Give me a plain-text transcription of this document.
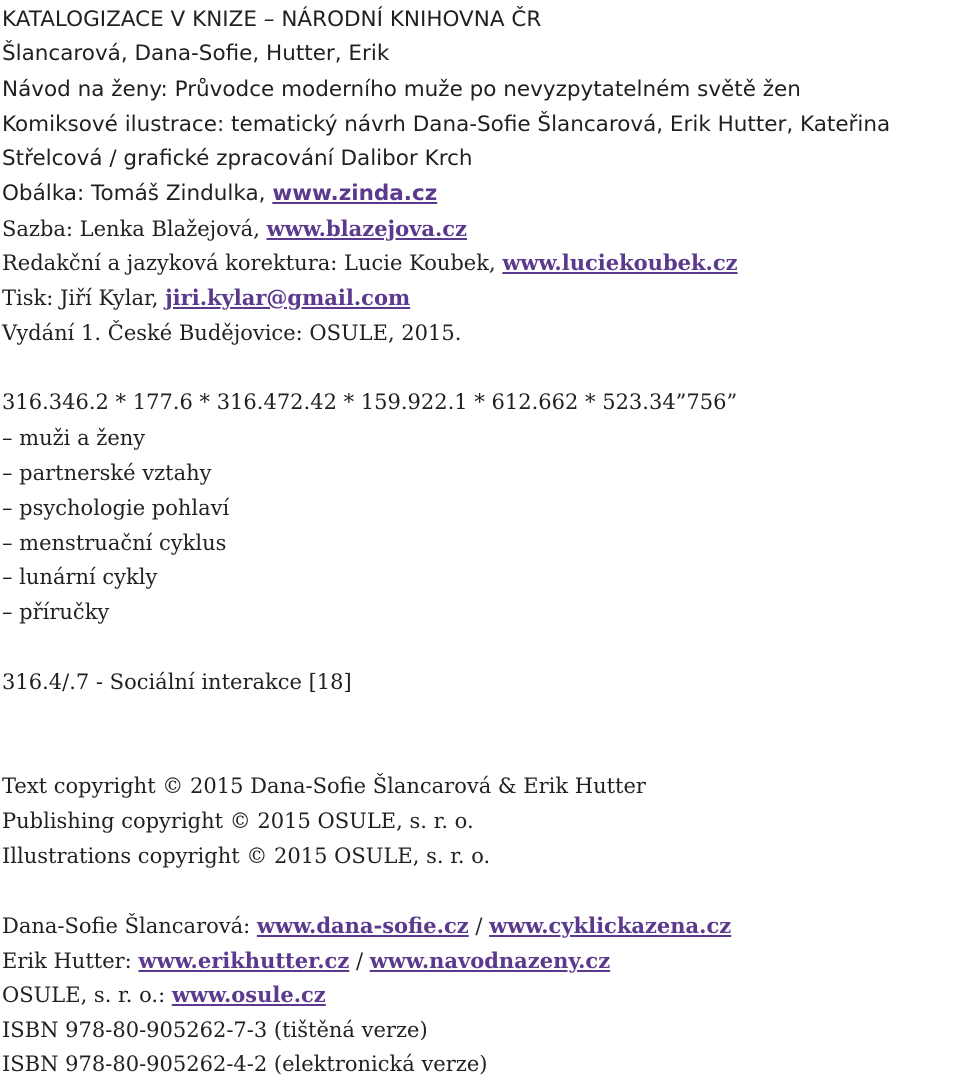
KATALOGIZACE V KNIZE – NÁRODNÍ KNIHOVNA ČR
Šlancarová, Dana-Sofie, Hutter, Erik
Návod na ženy: Průvodce moderního muže po nevyzpytatelném světě žen
Komiksové ilustrace: tematický návrh Dana-Sofie Šlancarová, Erik Hutter, Kateřina
Střelcová / grafické zpracování Dalibor Krch
Obálka: Tomáš Zindulka, www.zinda.cz
Sazba: Lenka Blažejová, www.blazejova.cz
Redakční a jazyková korektura: Lucie Koubek, www.luciekoubek.cz
Tisk: Jiří Kylar, jiri.kylar@gmail.com
Vydání 1. České Budějovice: OSULE, 2015.
316.346.2 * 177.6 * 316.472.42 * 159.922.1 * 612.662 * 523.34”756”
– muži a ženy
– partnerské vztahy
– psychologie pohlaví
– menstruační cyklus
– lunární cykly
– příručky
316.4/.7 - Sociální interakce [18]
Text copyright © 2015 Dana-Sofie Šlancarová & Erik Hutter
Publishing copyright © 2015 OSULE, s. r. o.
Illustrations copyright © 2015 OSULE, s. r. o.
Dana-Sofie Šlancarová: www.dana-sofie.cz / www.cyklickazena.cz
Erik Hutter: www.erikhutter.cz / www.navodnazeny.cz
OSULE, s. r. o.: www.osule.cz
ISBN 978-80-905262-7-3 (tištěná verze)
ISBN 978-80-905262-4-2 (elektronická verze)
